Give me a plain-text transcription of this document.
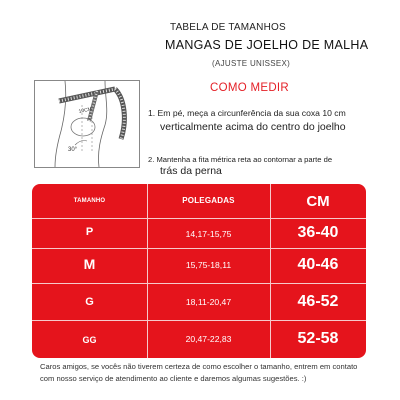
TABELA DE TAMANHOS
MANGAS DE JOELHO DE MALHA
(AJUSTE UNISSEX)
10CM
30°
COMO MEDIR
1. Em pé, meça a circunferência da sua coxa 10 cm
verticalmente acima do centro do joelho
2. Mantenha a fita métrica reta ao contornar a parte de
trás da perna
TAMANHO	POLEGADAS	CM
P	14,17-15,75	36-40
M	15,75-18,11	40-46
G	18,11-20,47	46-52
GG	20,47-22,83	52-58
Caros amigos, se vocês não tiverem certeza de como escolher o tamanho, entrem em contato com nosso serviço de atendimento ao cliente e daremos algumas sugestões. :)
